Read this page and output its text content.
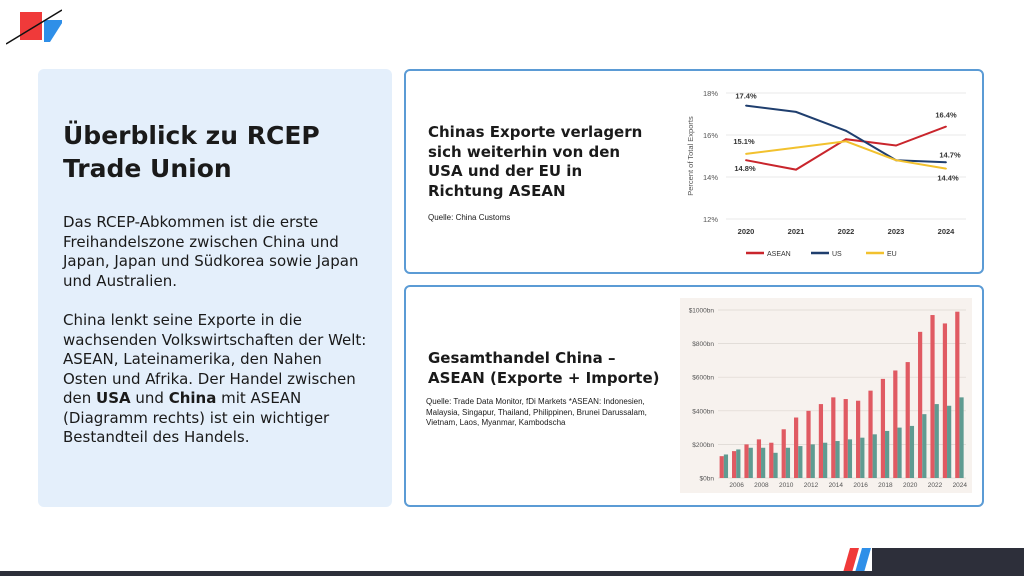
Überblick zu RCEP Trade Union

Das RCEP-Abkommen ist die erste Freihandelszone zwischen China und Japan, Japan und Südkorea sowie Japan und Australien.

China lenkt seine Exporte in die wachsenden Volkswirtschaften der Welt: ASEAN, Lateinamerika, den Nahen Osten und Afrika. Der Handel zwischen den USA und China mit ASEAN (Diagramm rechts) ist ein wichtiger Bestandteil des Handels.

Chinas Exporte verlagern sich weiterhin von den USA und der EU in Richtung ASEAN
Quelle: China Customs	12%
14%
16%
18%
2020	2021	2022	2023	2024
Percent of Total Exports
17.4%
15.1%
14.8%
16.4%
14.7%
14.4%
ASEAN	US	EU
Gesamthandel China – ASEAN (Exporte + Importe)
Quelle: Trade Data Monitor, fDi Markets *ASEAN: Indonesien, Malaysia, Singapur, Thailand, Philippinen, Brunei Darussalam, Vietnam, Laos, Myanmar, Kambodscha
$0bn
$200bn
$400bn
$600bn
$800bn
$1000bn
2006 2008 2010 2012 2014 2016 2018 2020 2022 2024
